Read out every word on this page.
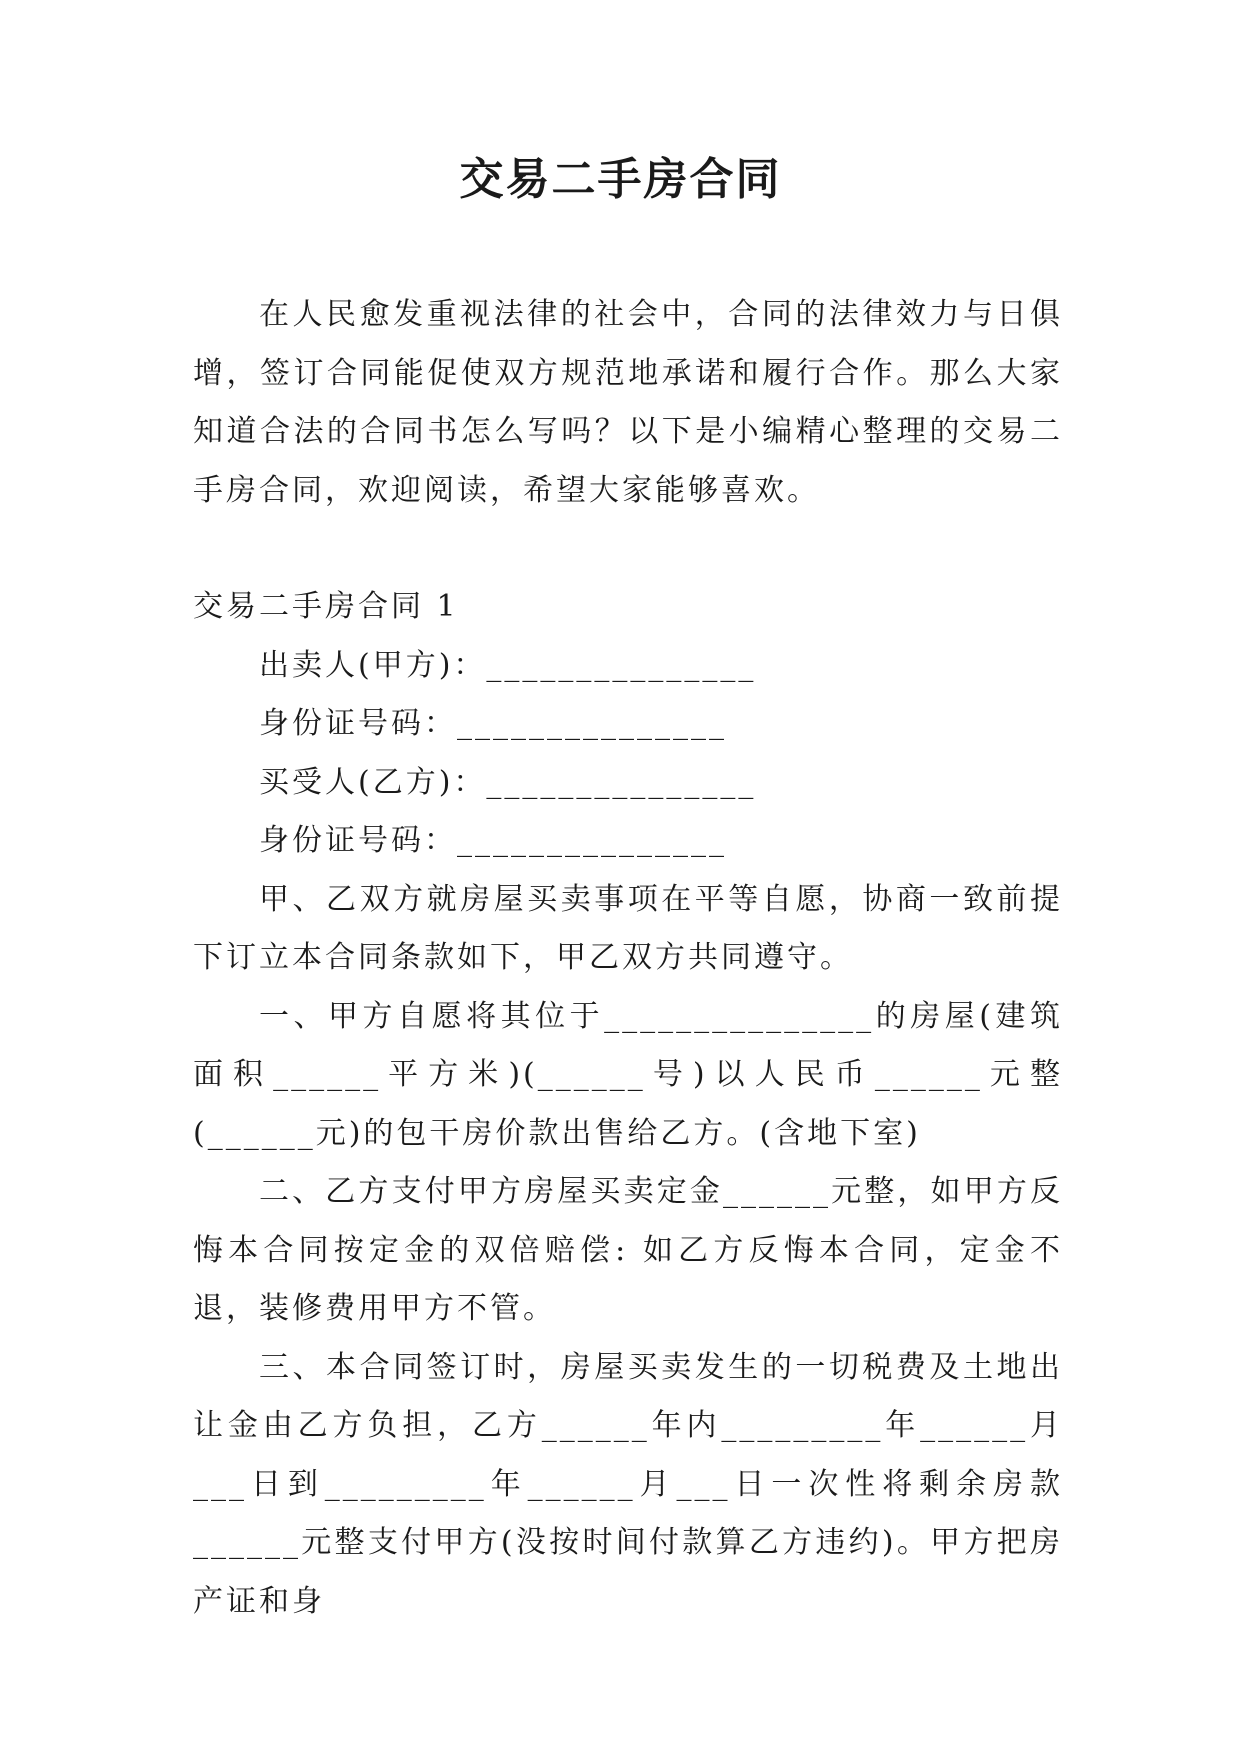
交易二手房合同

在人民愈发重视法律的社会中，合同的法律效力与日俱增，签订合同能促使双方规范地承诺和履行合作。那么大家知道合法的合同书怎么写吗？以下是小编精心整理的交易二手房合同，欢迎阅读，希望大家能够喜欢。

交易二手房合同 1

出卖人(甲方)：_______________

身份证号码：_______________

买受人(乙方)：_______________

身份证号码：_______________

甲、乙双方就房屋买卖事项在平等自愿，协商一致前提下订立本合同条款如下，甲乙双方共同遵守。

一、甲方自愿将其位于_______________的房屋(建筑面积______平方米)(______号)以人民币______元整(______元)的包干房价款出售给乙方。(含地下室)

二、乙方支付甲方房屋买卖定金______元整，如甲方反悔本合同按定金的双倍赔偿: 如乙方反悔本合同，定金不退，装修费用甲方不管。

三、本合同签订时，房屋买卖发生的一切税费及土地出让金由乙方负担，乙方______年内_________年______月___日到_________年______月___日一次性将剩余房款______元整支付甲方(没按时间付款算乙方违约)。甲方把房产证和身
